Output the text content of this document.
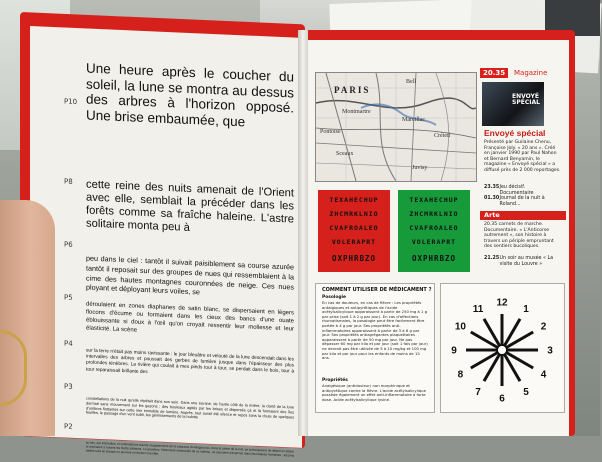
P10
Une heure après le coucher du soleil, la lune se montra au dessus des arbres à l'horizon opposé. Une brise embaumée, que
P8 cette reine des nuits amenait de l'Orient avec elle, semblait la précéder dans les forêts comme sa fraîche haleine. L'astre solitaire monta peu à
P6
peu dans le ciel : tantôt il suivait paisiblement sa course azurée tantôt il reposait sur des groupes de nues qui ressemblaient à la cime des hautes montagnes couronnées de neige. Ces nues ployant et déployant leurs voiles, se
P5
déroulaient en zones diaphanes de satin blanc, se dispersaient en légers flocons d'écume ou formaient dans les cieux des bancs d'une ouate éblouissante si doux à l'œil qu'on croyait ressentir leur mollesse et leur élasticité. La scène
P4
sur la terre n'était pas moins ravissante : le jour bleuâtre et velouté de la lune descendait dans les intervalles des arbres et poussait des gerbes de lumière jusque dans l'épaisseur des plus profondes ténèbres. La rivière qui coulait à mes pieds tour à tour, se perdait dans le bois, tour à tour reparaissait brillante des
P3
constellations de la nuit qu'elle répétait dans son sein. Dans une savane, de l'autre côté de la rivière, la clarté de la lune dormait sans mouvement sur les gazons ; des bouleaux agités par les brises et dispersés çà et là formaient des îles d'ombres flottantes sur cette mer immobile de lumière. Auprès, tout aurait été silence et repos sans la chute de quelques feuilles, le passage d'un vent subit, les gémissements de la hulotte
P2
au loin, par intervalles, on entendait les sourds mugissements de la cataracte du Niagara qui, dans le calme de la nuit, se prolongeaient de désert en désert et expiraient à travers les forêts solitaires. La grandeur, l'étonnante mélancolie de ce tableau, ne sauraient s'exprimer dans les langues humaines ; les plus belles nuits en Europe ne peuvent en donner une idée.
PARIS
Bell
Montmartre
Marcillac
Créteil
Sceaux
Juvisy
Pontoise
20.35	Magazine
ENVOYÉ SPÉCIAL
Envoyé spécial
Présenté par Guilaine Chenu, Françoise Joly. « 20 ans ». Créé en janvier 1990 par Paul Nahon et Bernard Benyamin, le magazine « Envoyé spécial » a diffusé près de 2 000 reportages.
23.35 Jeu décisif. Documentaire
01.30 Journal de la nuit à Roland...
Arte
20.35 carnets de marche. Documentaire. « L'Anticorse autrement », son histoire à travers un périple empruntant des sentiers bucoliques.
21.25 Un soir au musée « La visite du Louvre »
TEXAHECHUP
ZHCMRKLNIO
CVAFROALEO
VOLERAPRT
OXPHRBZO
TEXAHECHUP
ZHCMRKLNIO
CVAFROALEO
VOLERAPRT
OXPHRBZO
COMMENT UTILISER DE MÉDICAMENT ?
Posologie
En cas de douleurs, en cas de fièvre : Les propriétés antalgiques et antipyrétiques de l'acide acétylsalicylique apparaissent à partir de 250 mg à 1 g par prise (soit 1 à 2 g par jour). En cas d'affections rhumatismales, la posologie peut être facilement être portée à 4 g par jour. Ses propriétés anti-inflammatoires apparaissent à partir de 3 à 6 g par jour. Ses propriétés antiagrégantes plaquettaires apparaissent à partir de 50 mg par jour. Ne pas dépasser 60 mg par kilo et par jour (soit 1 fois par jour) ne devrait pas être utilisée de 5 à 10 mg/kg et 100 mg par kilo et par jour pour les enfants de moins de 15 ans.
Propriétés
Analgésique (antidouleur) non morphinique et antipyrétique contre la fièvre. L'acide acétylsalicylique possède également un effet anti-inflammatoire à forte dose. Acide acétylsalicylique lysine.
12
1
2
3
4
5
6
7
8
9
10
11
